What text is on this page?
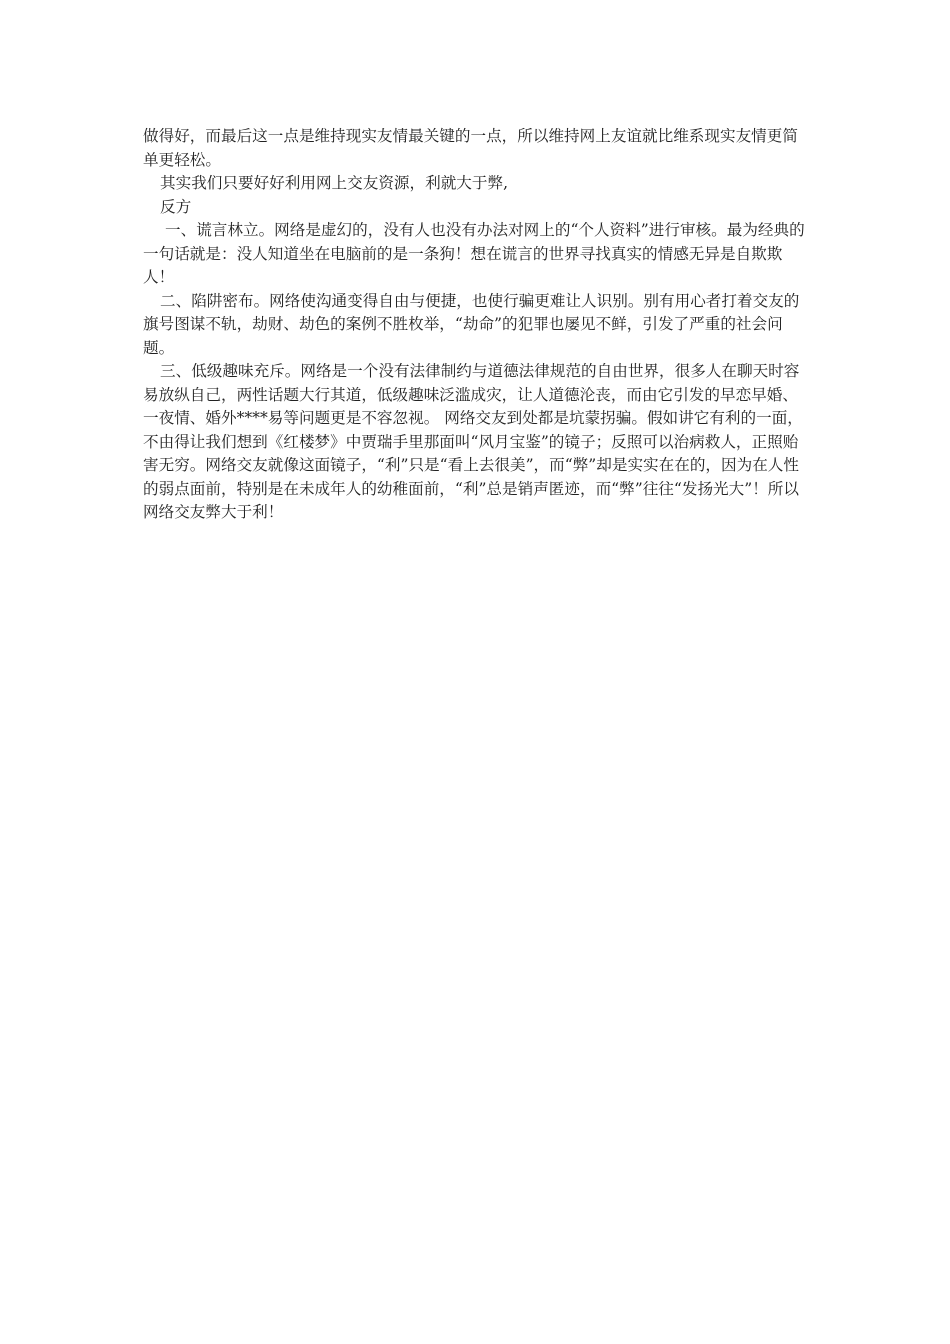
做得好，而最后这一点是维持现实友情最关键的一点，所以维持网上友谊就比维系现实友情更简单更轻松。

其实我们只要好好利用网上交友资源，利就大于弊,

反方

一、谎言林立。网络是虚幻的，没有人也没有办法对网上的“个人资料”进行审核。最为经典的一句话就是：没人知道坐在电脑前的是一条狗！想在谎言的世界寻找真实的情感无异是自欺欺人！

二、陷阱密布。网络使沟通变得自由与便捷，也使行骗更难让人识别。别有用心者打着交友的旗号图谋不轨，劫财、劫色的案例不胜枚举，“劫命”的犯罪也屡见不鲜，引发了严重的社会问题。

三、低级趣味充斥。网络是一个没有法律制约与道德法律规范的自由世界，很多人在聊天时容易放纵自己，两性话题大行其道，低级趣味泛滥成灾，让人道德沦丧，而由它引发的早恋早婚、一夜情、婚外****易等问题更是不容忽视。 网络交友到处都是坑蒙拐骗。假如讲它有利的一面，不由得让我们想到《红楼梦》中贾瑞手里那面叫“风月宝鉴”的镜子；反照可以治病救人，正照贻害无穷。网络交友就像这面镜子，“利”只是“看上去很美”，而“弊”却是实实在在的，因为在人性的弱点面前，特别是在未成年人的幼稚面前，“利”总是销声匿迹，而“弊”往往“发扬光大”！所以网络交友弊大于利！
